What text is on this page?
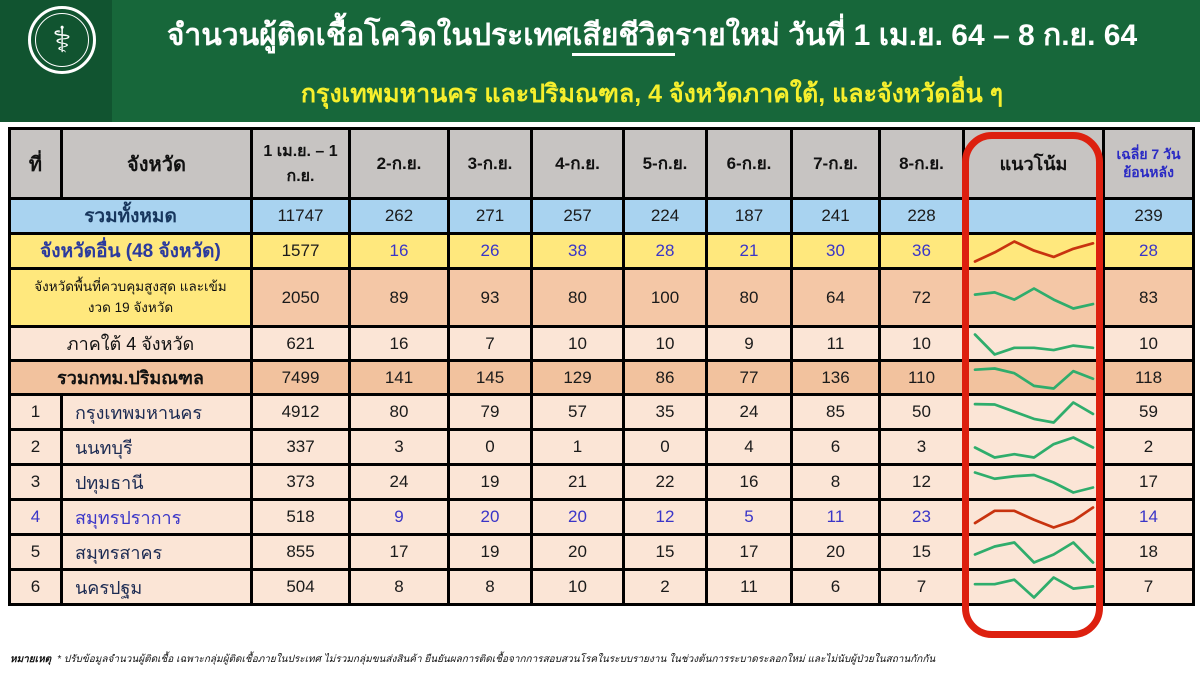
⚕	จำนวนผู้ติดเชื้อโควิดในประเทศเสียชีวิตรายใหม่ วันที่ 1 เม.ย. 64 – 8 ก.ย. 64
กรุงเทพมหานคร และปริมณฑล, 4 จังหวัดภาคใต้, และจังหวัดอื่น ๆ
ที่	จังหวัด	1 เม.ย. – 1 ก.ย.	2-ก.ย.	3-ก.ย.	4-ก.ย.	5-ก.ย.	6-ก.ย.	7-ก.ย.	8-ก.ย.	แนวโน้ม	เฉลี่ย 7 วัน ย้อนหลัง
รวมทั้งหมด		11747	262	271	257	224	187	241	228		239
จังหวัดอื่น (48 จังหวัด)		1577	16	26	38	28	21	30	36		28
จังหวัดพื้นที่ควบคุมสูงสุด และเข้มงวด 19 จังหวัด		2050	89	93	80	100	80	64	72		83
ภาคใต้ 4 จังหวัด		621	16	7	10	10	9	11	10		10
รวมกทม.ปริมณฑล		7499	141	145	129	86	77	136	110		118
1	กรุงเทพมหานคร	4912	80	79	57	35	24	85	50		59
2	นนทบุรี	337	3	0	1	0	4	6	3		2
3	ปทุมธานี	373	24	19	21	22	16	8	12		17
4	สมุทรปราการ	518	9	20	20	12	5	11	23		14
5	สมุทรสาคร	855	17	19	20	15	17	20	15		18
6	นครปฐม	504	8	8	10	2	11	6	7		7
หมายเหตุ * ปรับข้อมูลจำนวนผู้ติดเชื้อ เฉพาะกลุ่มผู้ติดเชื้อภายในประเทศ ไม่รวมกลุ่มขนส่งสินค้า ยืนยันผลการติดเชื้อจากการสอบสวนโรคในระบบรายงาน ในช่วงต้นการระบาดระลอกใหม่ และไม่นับผู้ป่วยในสถานกักกัน
